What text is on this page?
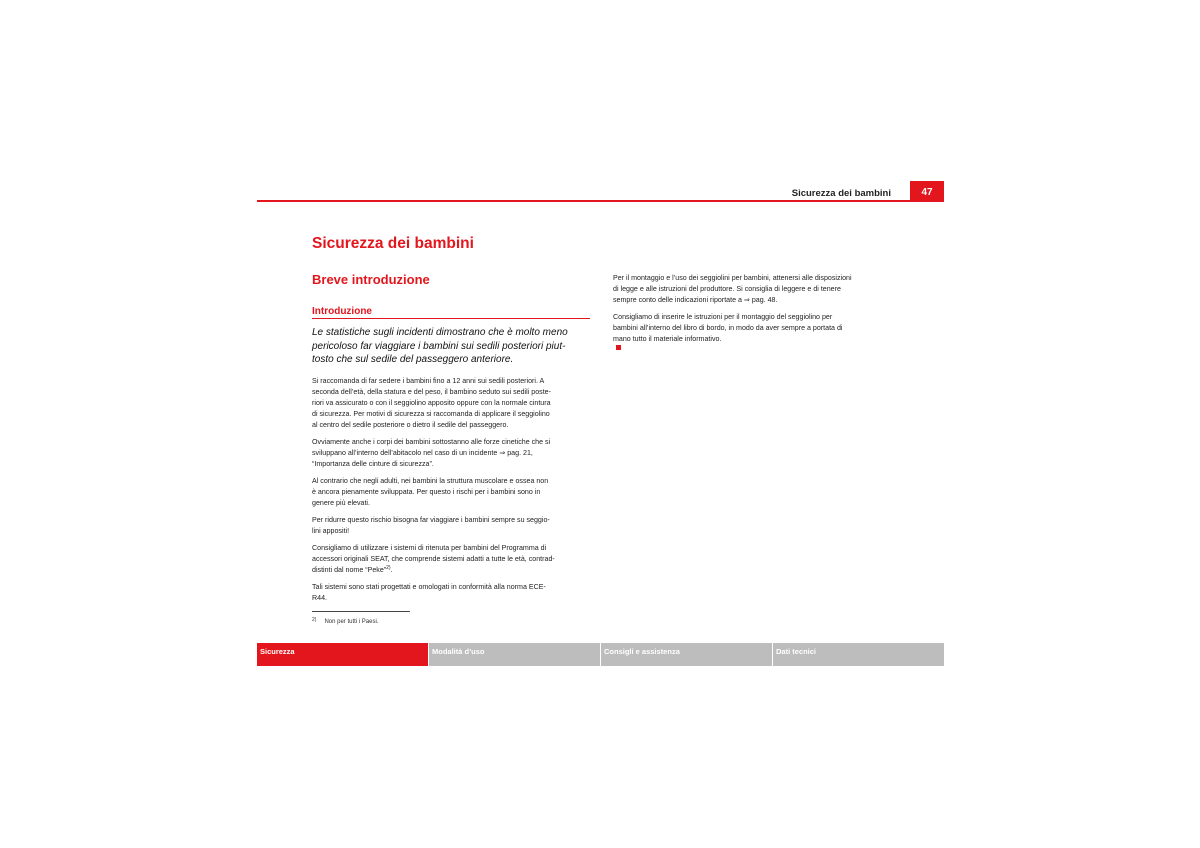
Sicurezza dei bambini	47
Sicurezza dei bambini
Breve introduzione
Introduzione
Le statistiche sugli incidenti dimostrano che è molto meno
pericoloso far viaggiare i bambini sui sedili posteriori piut-
tosto che sul sedile del passeggero anteriore.

Si raccomanda di far sedere i bambini fino a 12 anni sui sedili posteriori. A
seconda dell’età, della statura e del peso, il bambino seduto sui sedili poste-
riori va assicurato o con il seggiolino apposito oppure con la normale cintura
di sicurezza. Per motivi di sicurezza si raccomanda di applicare il seggiolino
al centro del sedile posteriore o dietro il sedile del passeggero.

Ovviamente anche i corpi dei bambini sottostanno alle forze cinetiche che si
sviluppano all’interno dell’abitacolo nel caso di un incidente ⇒ pag. 21,
“Importanza delle cinture di sicurezza”.

Al contrario che negli adulti, nei bambini la struttura muscolare e ossea non
è ancora pienamente sviluppata. Per questo i rischi per i bambini sono in
genere più elevati.

Per ridurre questo rischio bisogna far viaggiare i bambini sempre su seggio-
lini appositi!

Consigliamo di utilizzare i sistemi di ritenuta per bambini del Programma di
accessori originali SEAT, che comprende sistemi adatti a tutte le età, contrad-
distinti dal nome “Peke”$^{2)}$.

Tali sistemi sono stati progettati e omologati in conformità alla norma ECE-
R44.

$^{2)}$ Non per tutti i Paesi.

Per il montaggio e l’uso dei seggiolini per bambini, attenersi alle disposizioni
di legge e alle istruzioni del produttore. Si consiglia di leggere e di tenere
sempre conto delle indicazioni riportate a ⇒ pag. 48.

Consigliamo di inserire le istruzioni per il montaggio del seggiolino per
bambini all’interno del libro di bordo, in modo da aver sempre a portata di
mano tutto il materiale informativo.

Sicurezza	Modalità d’uso	Consigli e assistenza	Dati tecnici
